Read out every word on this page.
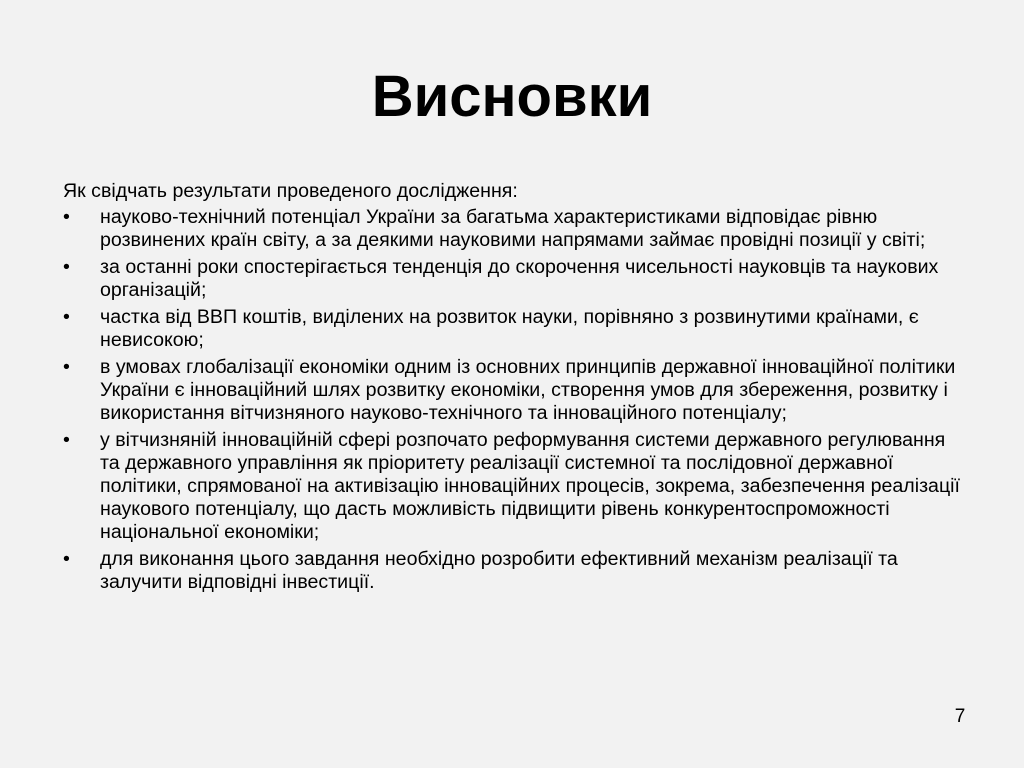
Висновки

Як свідчать результати проведеного дослідження:

• науково-технічний потенціал України за багатьма характеристиками відповідає рівню розвинених країн світу, а за деякими науковими напрямами займає провідні позиції у світі;
• за останні роки спостерігається тенденція до скорочення чисельності науковців та наукових організацій;
• частка від ВВП коштів, виділених на розвиток науки, порівняно з розвинутими країнами, є невисокою;
• в умовах глобалізації економіки одним із основних принципів державної інноваційної політики України є інноваційний шлях розвитку економіки, створення умов для збереження, розвитку і використання вітчизняного науково-технічного та інноваційного потенціалу;
• у вітчизняній інноваційній сфері розпочато реформування системи державного регулювання та державного управління як пріоритету реалізації системної та послідовної державної політики, спрямованої на активізацію інноваційних процесів, зокрема, забезпечення реалізації наукового потенціалу, що дасть можливість підвищити рівень конкурентоспроможності національної економіки;
• для виконання цього завдання необхідно розробити ефективний механізм реалізації та залучити відповідні інвестиції.
7
